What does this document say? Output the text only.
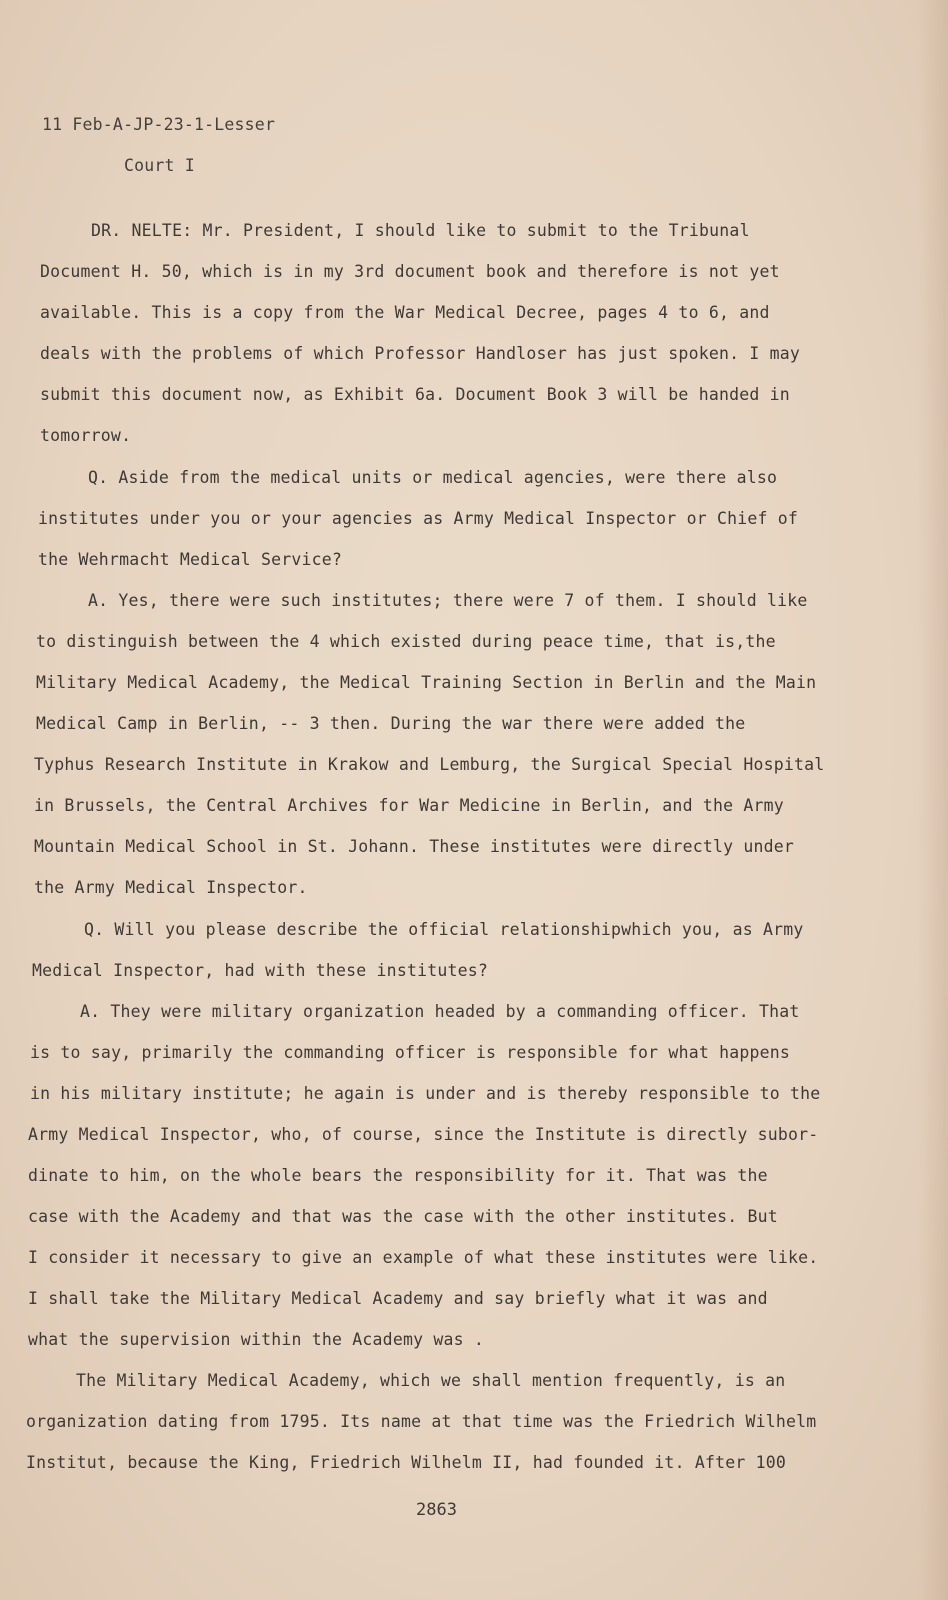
11 Feb-A-JP-23-1-Lesser

Court I

DR. NELTE: Mr. President, I should like to submit to the Tribunal

Document H. 50, which is in my 3rd document book and therefore is not yet

available. This is a copy from the War Medical Decree, pages 4 to 6, and

deals with the problems of which Professor Handloser has just spoken. I may

submit this document now, as Exhibit 6a. Document Book 3 will be handed in

tomorrow.

Q. Aside from the medical units or medical agencies, were there also

institutes under you or your agencies as Army Medical Inspector or Chief of

the Wehrmacht Medical Service?

A. Yes, there were such institutes; there were 7 of them. I should like

to distinguish between the 4 which existed during peace time, that is,the

Military Medical Academy, the Medical Training Section in Berlin and the Main

Medical Camp in Berlin, -- 3 then. During the war there were added the

Typhus Research Institute in Krakow and Lemburg, the Surgical Special Hospital

in Brussels, the Central Archives for War Medicine in Berlin, and the Army

Mountain Medical School in St. Johann. These institutes were directly under

the Army Medical Inspector.

Q. Will you please describe the official relationshipwhich you, as Army

Medical Inspector, had with these institutes?

A. They were military organization headed by a commanding officer. That

is to say, primarily the commanding officer is responsible for what happens

in his military institute; he again is under and is thereby responsible to the

Army Medical Inspector, who, of course, since the Institute is directly subor-

dinate to him, on the whole bears the responsibility for it. That was the

case with the Academy and that was the case with the other institutes. But

I consider it necessary to give an example of what these institutes were like.

I shall take the Military Medical Academy and say briefly what it was and

what the supervision within the Academy was .

The Military Medical Academy, which we shall mention frequently, is an

organization dating from 1795. Its name at that time was the Friedrich Wilhelm

Institut, because the King, Friedrich Wilhelm II, had founded it. After 100

2863
